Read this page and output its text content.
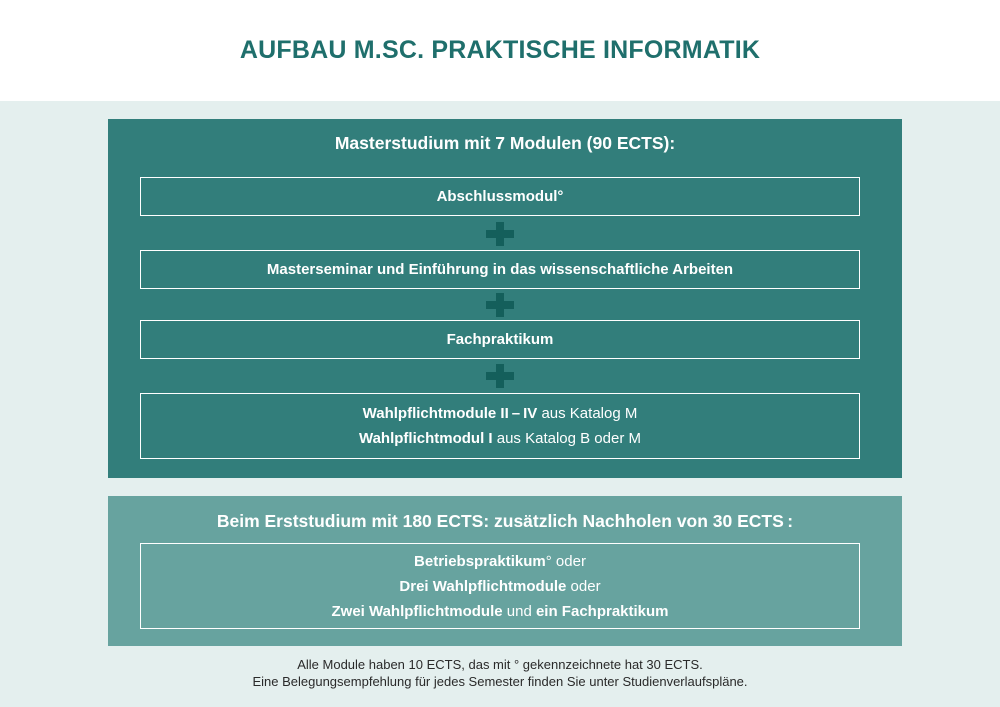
AUFBAU M.SC. PRAKTISCHE INFORMATIK
Masterstudium mit 7 Modulen (90 ECTS):
Abschlussmodul°
Masterseminar und Einführung in das wissenschaftliche Arbeiten
Fachpraktikum
Wahlpflichtmodule II – IV aus Katalog M
Wahlpflichtmodul I aus Katalog B oder M
Beim Erststudium mit 180 ECTS: zusätzlich Nachholen von 30 ECTS :
Betriebspraktikum° oder
Drei Wahlpflichtmodule oder
Zwei Wahlpflichtmodule und ein Fachpraktikum
Alle Module haben 10 ECTS, das mit ° gekennzeichnete hat 30 ECTS.
Eine Belegungsempfehlung für jedes Semester finden Sie unter Studienverlaufspläne.
